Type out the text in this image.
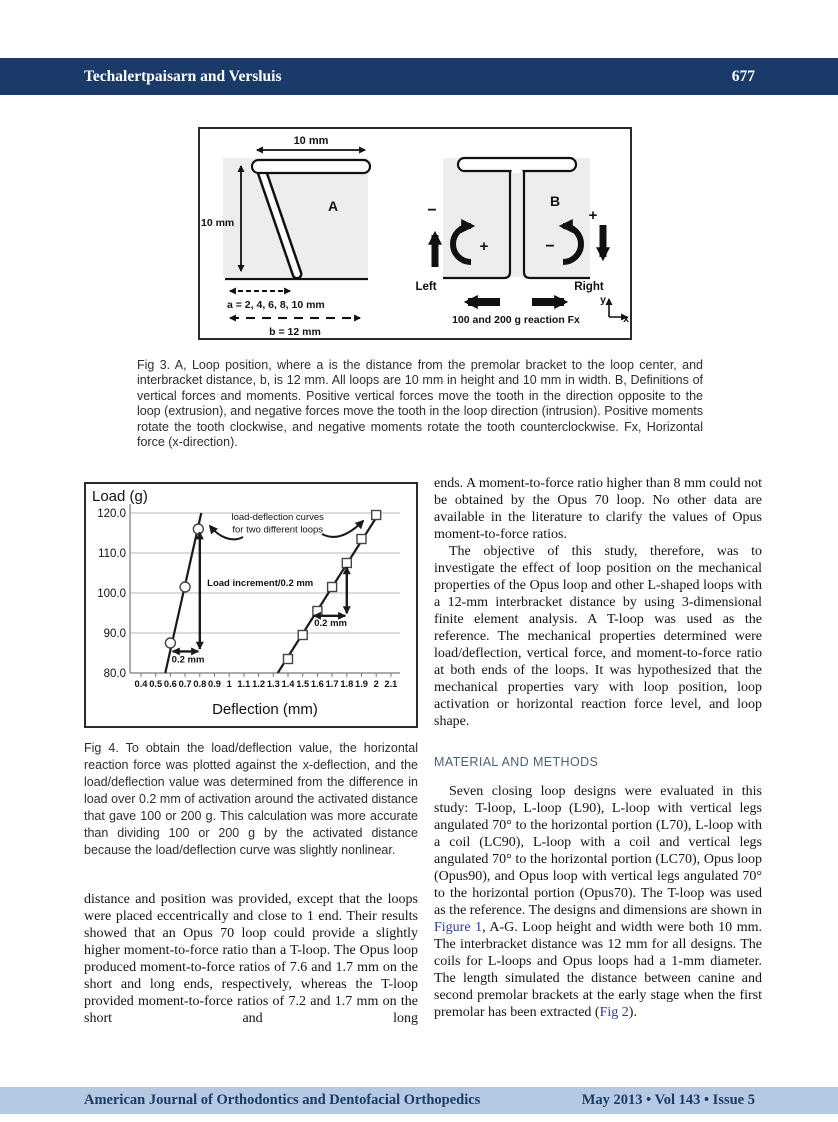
Techalertpaisarn and Versluis	677
10 mm
10 mm
A
a = 2, 4, 6, 8, 10 mm
b = 12 mm
B
−
+	−
+
Left	Right
100 and 200 g reaction Fx
y
x
Fig 3. A, Loop position, where a is the distance from the premolar bracket to the loop center, and interbracket distance, b, is 12 mm. All loops are 10 mm in height and 10 mm in width. B, Definitions of vertical forces and moments. Positive vertical forces move the tooth in the direction opposite to the loop (extrusion), and negative forces move the tooth in the loop direction (intrusion). Positive moments rotate the tooth clockwise, and negative moments rotate the tooth counterclockwise. Fx, Horizontal force (x-direction).
120.0
110.0
100.0
90.0
80.0
0.4 0.5 0.6 0.7 0.8 0.9 1 1.1 1.2 1.3 1.4 1.5 1.6 1.7 1.8 1.9 2 2.1
Load (g)
Deflection (mm)
load-deflection curves
for two different loops
Load increment/0.2 mm
0.2 mm
0.2 mm
Fig 4. To obtain the load/deflection value, the horizontal reaction force was plotted against the x-deflection, and the load/deflection value was determined from the difference in load over 0.2 mm of activation around the activated distance that gave 100 or 200 g. This calculation was more accurate than dividing 100 or 200 g by the activated distance because the load/deflection curve was slightly nonlinear.

distance and position was provided, except that the loops were placed eccentrically and close to 1 end. Their results showed that an Opus 70 loop could provide a slightly higher moment-to-force ratio than a T-loop. The Opus loop produced moment-to-force ratios of 7.6 and 1.7 mm on the short and long ends, respectively, whereas the T-loop provided moment-to-force ratios of 7.2 and 1.7 mm on the short and long

ends. A moment-to-force ratio higher than 8 mm could not be obtained by the Opus 70 loop. No other data are available in the literature to clarify the values of Opus moment-to-force ratios.

The objective of this study, therefore, was to investigate the effect of loop position on the mechanical properties of the Opus loop and other L-shaped loops with a 12-mm interbracket distance by using 3-dimensional finite element analysis. A T-loop was used as the reference. The mechanical properties determined were load/deflection, vertical force, and moment-to-force ratio at both ends of the loops. It was hypothesized that the mechanical properties vary with loop position, loop activation or horizontal reaction force level, and loop shape.

MATERIAL AND METHODS

Seven closing loop designs were evaluated in this study: T-loop, L-loop (L90), L-loop with vertical legs angulated 70° to the horizontal portion (L70), L-loop with a coil (LC90), L-loop with a coil and vertical legs angulated 70° to the horizontal portion (LC70), Opus loop (Opus90), and Opus loop with vertical legs angulated 70° to the horizontal portion (Opus70). The T-loop was used as the reference. The designs and dimensions are shown in Figure 1, A-G. Loop height and width were both 10 mm. The interbracket distance was 12 mm for all designs. The coils for L-loops and Opus loops had a 1-mm diameter. The length simulated the distance between canine and second premolar brackets at the early stage when the first premolar has been extracted (Fig 2).

American Journal of Orthodontics and Dentofacial Orthopedics	May 2013 • Vol 143 • Issue 5
